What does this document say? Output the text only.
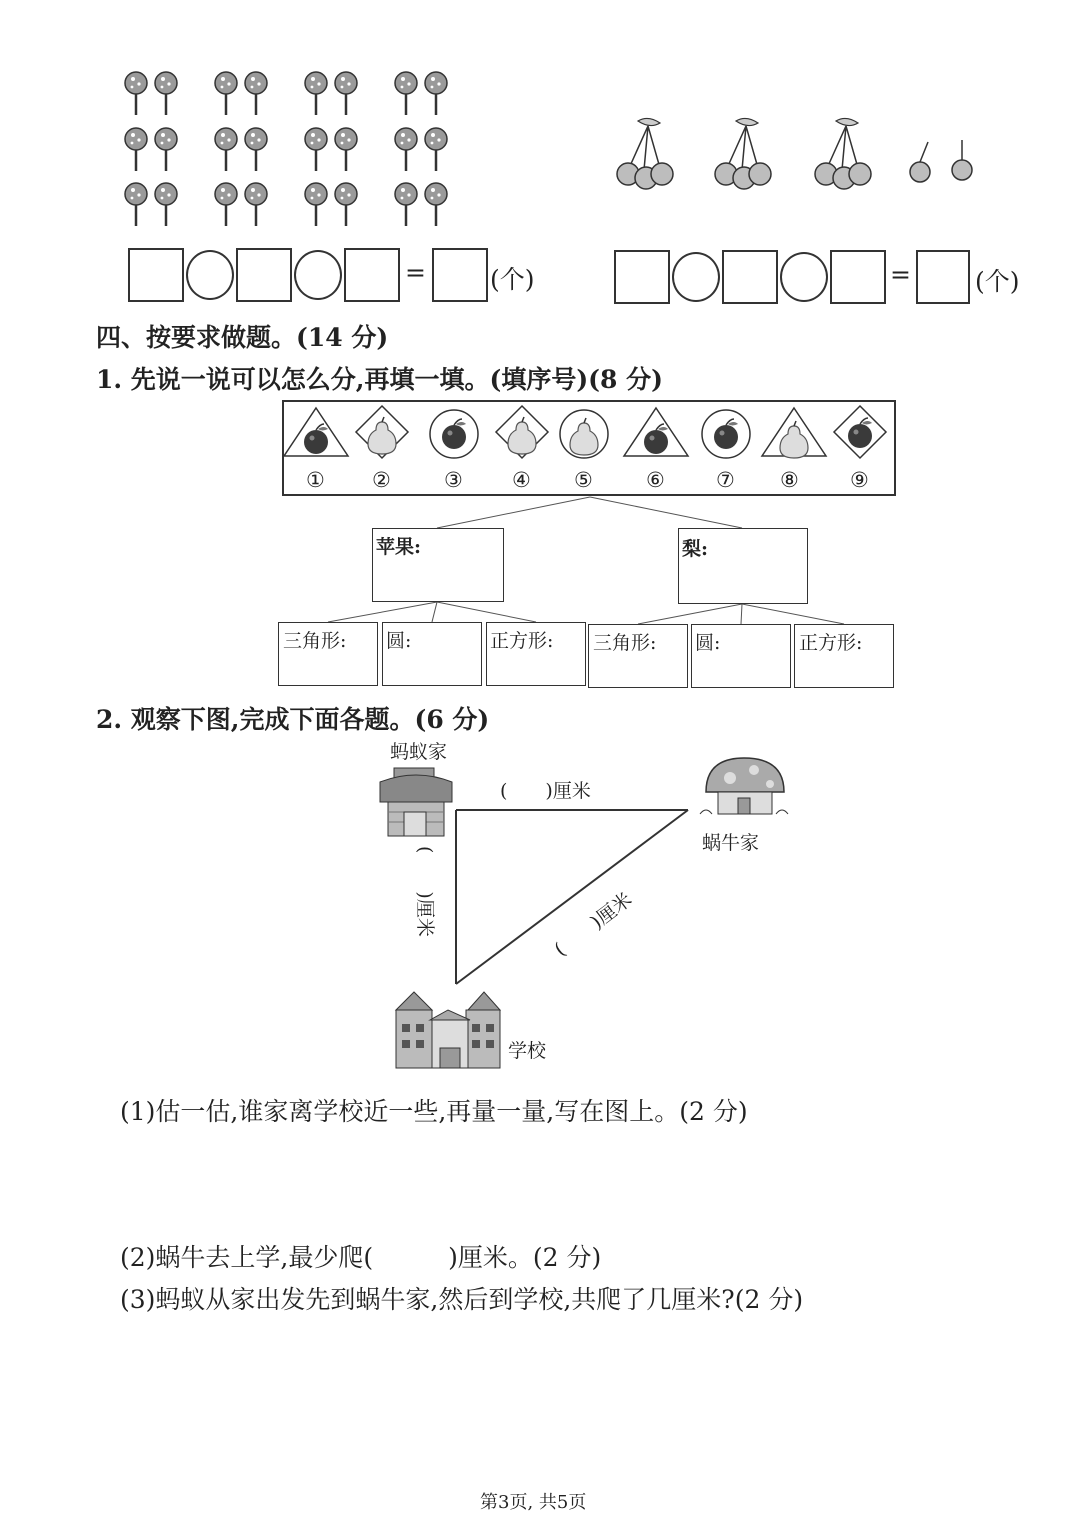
=	(个)	=	(个)
四、按要求做题。(14 分)
1. 先说一说可以怎么分,再填一填。(填序号)(8 分)
① ②	③ ④ ⑤	⑥ ⑦ ⑧ ⑨
苹果:	梨:
三角形: 圆:	正方形: 三角形: 圆:	正方形:
2. 观察下图,完成下面各题。(6 分)
蚂蚁家
蜗牛家
学校
(　　)厘米
(　　)厘米	(　　)厘米
(1)估一估,谁家离学校近一些,再量一量,写在图上。(2 分)
(2)蜗牛去上学,最少爬(　　　)厘米。(2 分)
(3)蚂蚁从家出发先到蜗牛家,然后到学校,共爬了几厘米?(2 分)
第3页, 共5页
